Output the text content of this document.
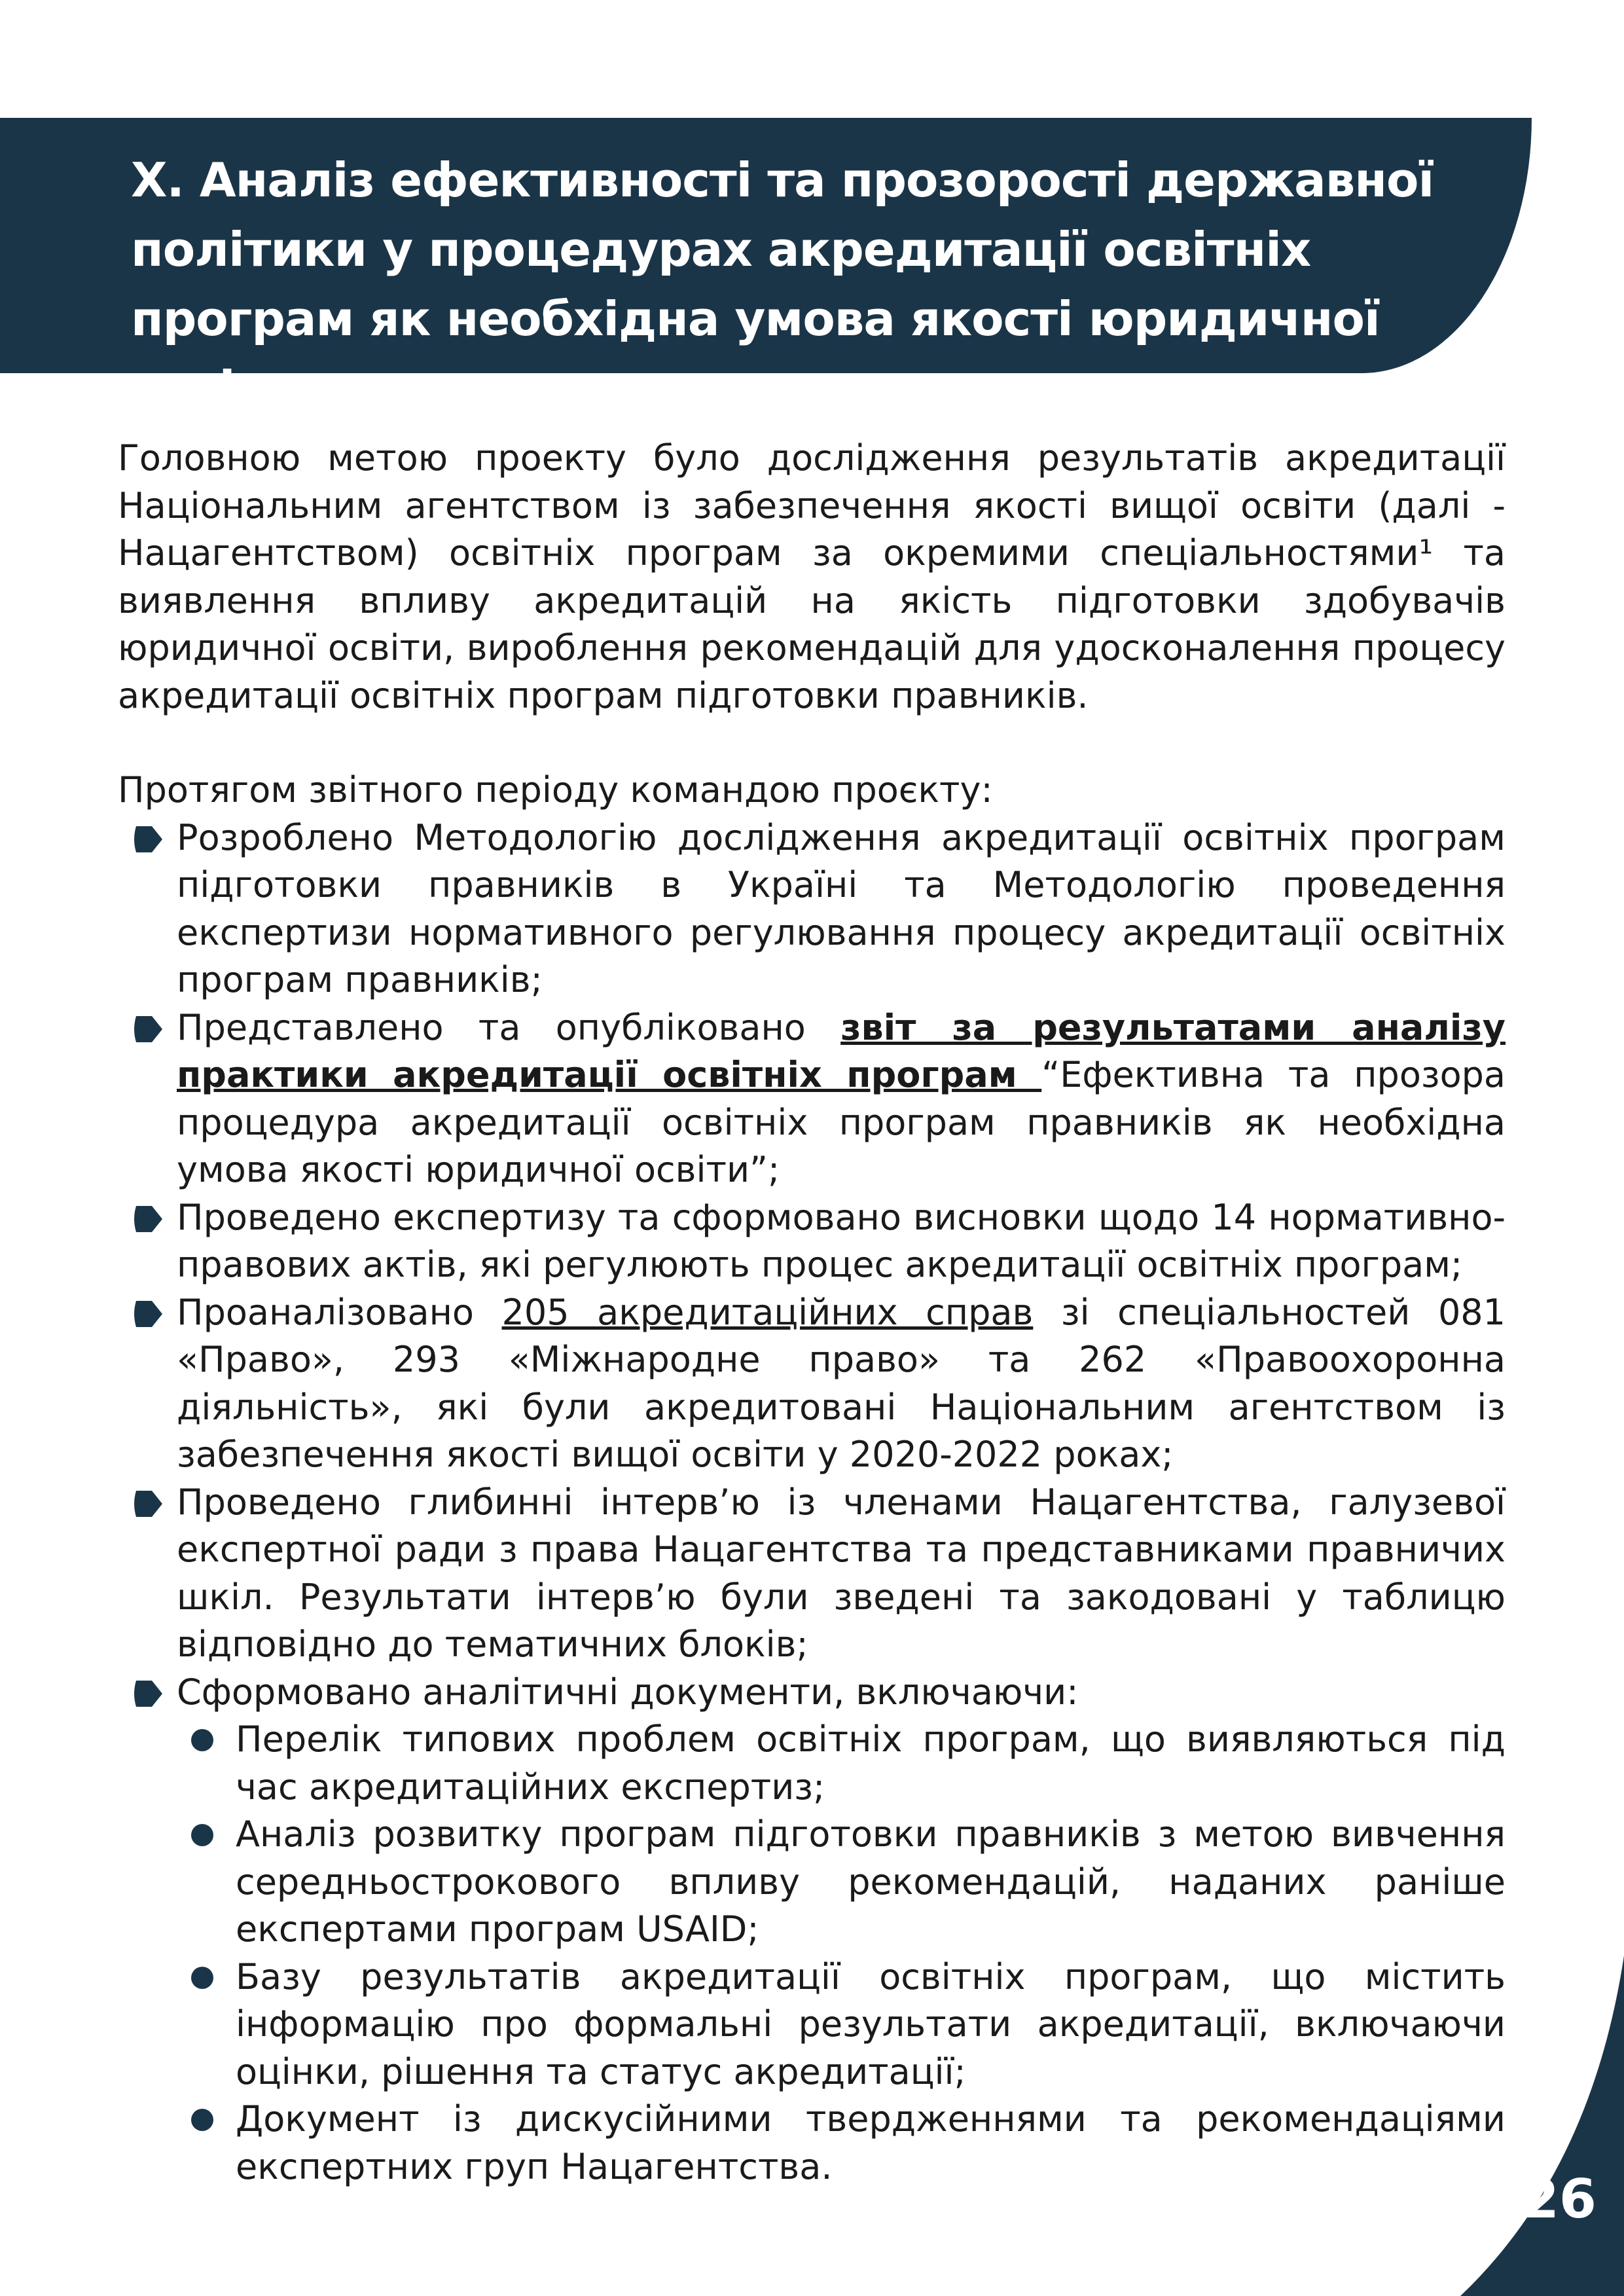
X. Аналіз ефективності та прозорості державної політики у процедурах акредитації освітніх програм як необхідна умова якості юридичної освіти

Головною метою проекту було дослідження результатів акредитації Національним агентством із забезпечення якості вищої освіти (далі - Нацагентством) освітніх програм за окремими спеціальностями¹ та виявлення впливу акредитацій на якість підготовки здобувачів юридичної освіти, вироблення рекомендацій для удосконалення процесу акредитації освітніх програм підготовки правників.

Протягом звітного періоду командою проєкту:

Розроблено Методологію дослідження акредитації освітніх програм підготовки правників в Україні та Методологію проведення експертизи нормативного регулювання процесу акредитації освітніх програм правників;
Представлено та опубліковано звіт за результатами аналізу практики акредитації освітніх програм “Ефективна та прозора процедура акредитації освітніх програм правників як необхідна умова якості юридичної освіти”;
Проведено експертизу та сформовано висновки щодо 14 нормативно-правових актів, які регулюють процес акредитації освітніх програм;
Проаналізовано 205 акредитаційних справ зі спеціальностей 081 «Право», 293 «Міжнародне право» та 262 «Правоохоронна діяльність», які були акредитовані Національним агентством із забезпечення якості вищої освіти у 2020-2022 роках;
Проведено глибинні інтерв’ю із членами Нацагентства, галузевої експертної ради з права Нацагентства та представниками правничих шкіл. Результати інтерв’ю були зведені та закодовані у таблицю відповідно до тематичних блоків;
Сформовано аналітичні документи, включаючи:
Перелік типових проблем освітніх програм, що виявляються під час акредитаційних експертиз;
Аналіз розвитку програм підготовки правників з метою вивчення середньострокового впливу рекомендацій, наданих раніше експертами програм USAID;
Базу результатів акредитації освітніх програм, що містить інформацію про формальні результати акредитації, включаючи оцінки, рішення та статус акредитації;
Документ із дискусійними твердженнями та рекомендаціями експертних груп Нацагентства.
26
